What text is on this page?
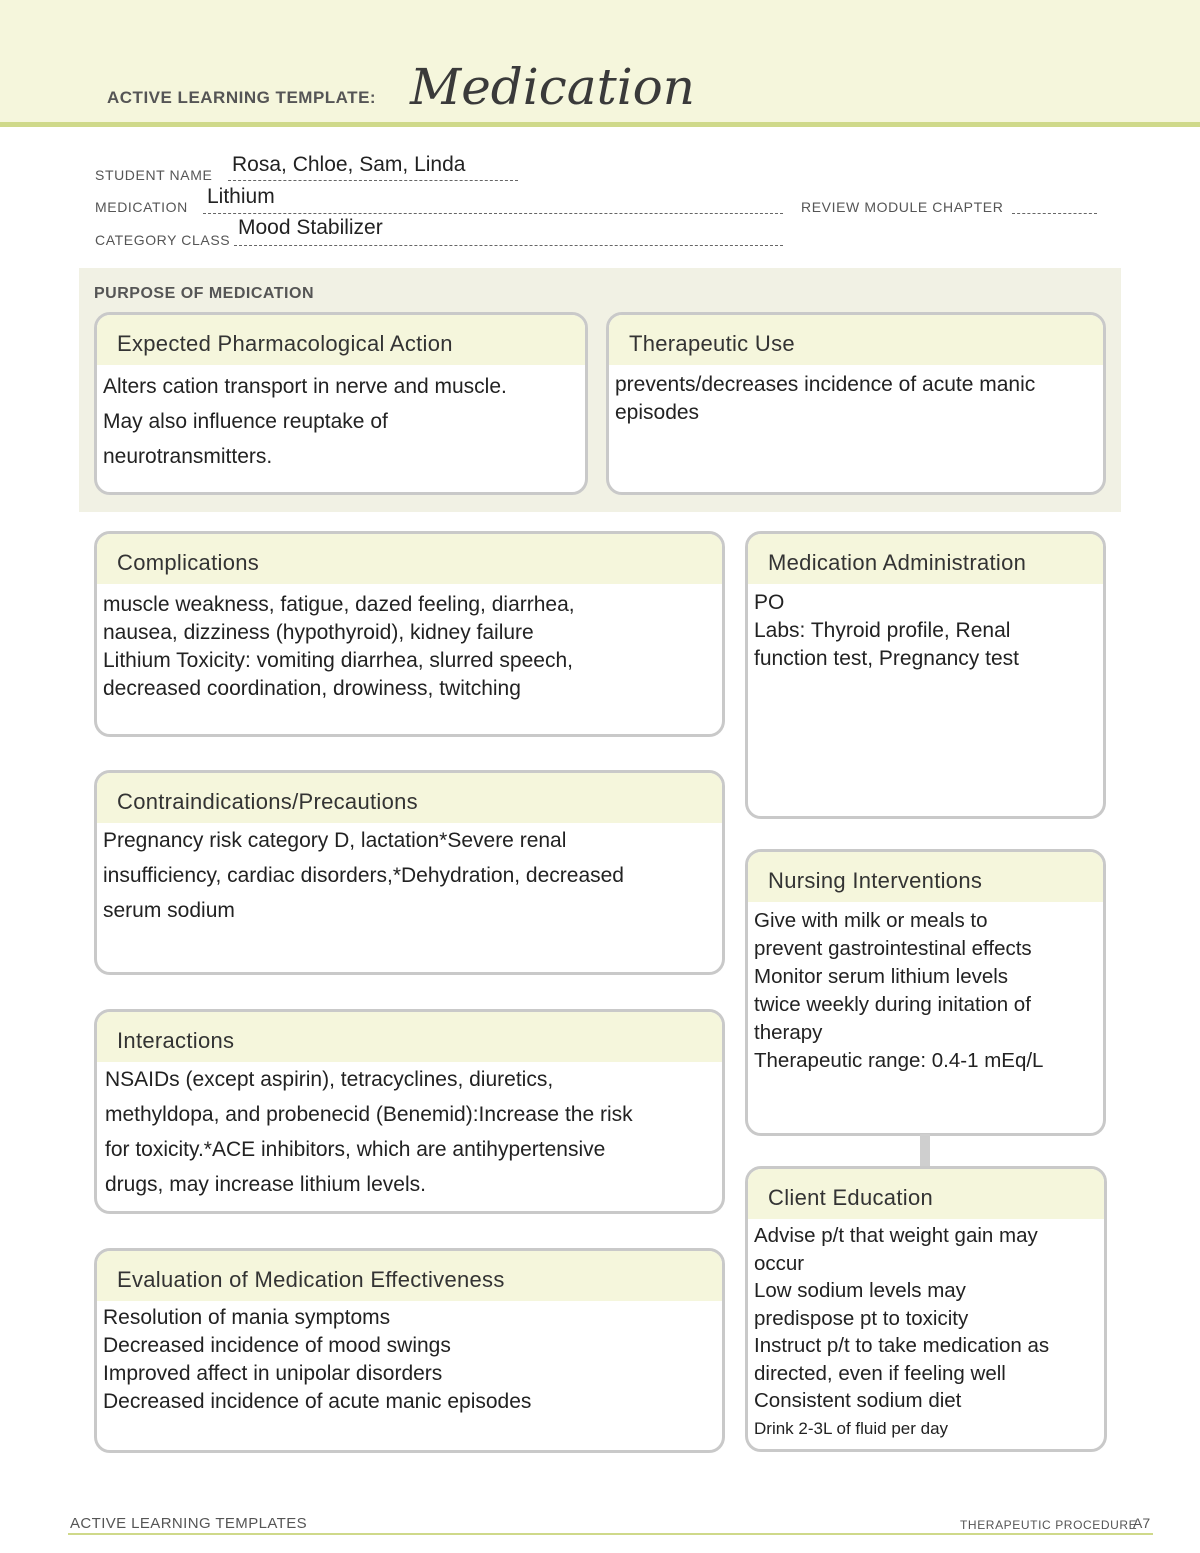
ACTIVE LEARNING TEMPLATE: Medication
STUDENT NAME Rosa, Chloe, Sam, Linda
MEDICATION Lithium	REVIEW MODULE CHAPTER
CATEGORY CLASS
Mood Stabilizer
PURPOSE OF MEDICATION
Expected Pharmacological Action
Alters cation transport in nerve and muscle.
May also influence reuptake of
neurotransmitters.
Therapeutic Use
prevents/decreases incidence of acute manic
episodes
Complications
muscle weakness, fatigue, dazed feeling, diarrhea,
nausea, dizziness (hypothyroid), kidney failure
Lithium Toxicity: vomiting diarrhea, slurred speech,
decreased coordination, drowiness, twitching
Medication Administration
PO
Labs: Thyroid profile, Renal
function test, Pregnancy test
Contraindications/Precautions
Pregnancy risk category D, lactation*Severe renal
insufficiency, cardiac disorders,*Dehydration, decreased
serum sodium
Nursing Interventions
Give with milk or meals to
prevent gastrointestinal effects
Monitor serum lithium levels
twice weekly during initation of
therapy
Therapeutic range: 0.4-1 mEq/L
Interactions
NSAIDs (except aspirin), tetracyclines, diuretics,
methyldopa, and probenecid (Benemid):Increase the risk
for toxicity.*ACE inhibitors, which are antihypertensive
drugs, may increase lithium levels.
Client Education
Advise p/t that weight gain may
occur
Low sodium levels may
predispose pt to toxicity
Instruct p/t to take medication as
directed, even if feeling well
Consistent sodium diet
Drink 2-3L of fluid per day
Evaluation of Medication Effectiveness
Resolution of mania symptoms
Decreased incidence of mood swings
Improved affect in unipolar disorders
Decreased incidence of acute manic episodes
ACTIVE LEARNING TEMPLATES	THERAPEUTIC PROCEDURE
A7
